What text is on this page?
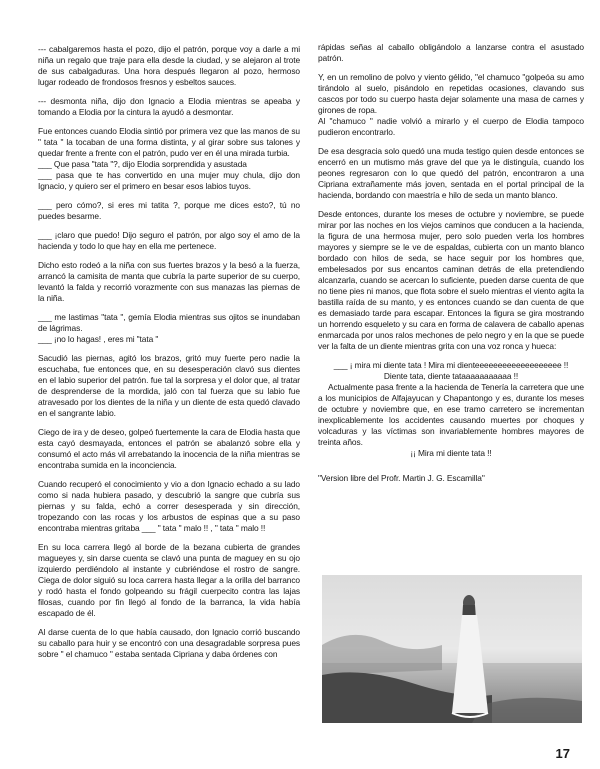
--- cabalgaremos hasta el pozo, dijo el patrón, porque voy a darle a mi niña un regalo que traje para ella desde la ciudad, y se alejaron al trote de sus cabalgaduras. Una hora después llegaron al pozo, hermoso lugar rodeado de frondosos fresnos y esbeltos sauces.

--- desmonta niña, dijo don Ignacio a Elodia mientras se apeaba y tomando a Elodia por la cintura la ayudó a desmontar.

Fue entonces cuando Elodia sintió por primera vez que las manos de su " tata " la tocaban de una forma distinta, y al girar sobre sus talones y quedar frente a frente con el patrón, pudo ver en él una mirada turbia.
___ Que pasa "tata "?, dijo Elodia sorprendida y asustada
___ pasa que te has convertido en una mujer muy chula, dijo don Ignacio, y quiero ser el primero en besar esos labios tuyos.

___ pero cómo?, si eres mi tatita ?, porque me dices esto?, tú no puedes besarme.

___ ¡claro que puedo! Dijo seguro el patrón, por algo soy el amo de la hacienda y todo lo que hay en ella me pertenece.

Dicho esto rodeó a la niña con sus fuertes brazos y la besó a la fuerza, arrancó la camisita de manta que cubría la parte superior de su cuerpo, levantó la falda y recorrió vorazmente con sus manazas las piernas de la niña.

___ me lastimas "tata ", gemía Elodia mientras sus ojitos se inundaban de lágrimas.
___ ¡no lo hagas! , eres mi "tata "

Sacudió las piernas, agitó los brazos, gritó muy fuerte pero nadie la escuchaba, fue entonces que, en su desesperación clavó sus dientes en el labio superior del patrón. fue tal la sorpresa y el dolor que, al tratar de desprenderse de la mordida, jaló con tal fuerza que su labio fue atravesado por los dientes de la niña y un diente de esta quedó clavado en el sangrante labio.

Ciego de ira y de deseo, golpeó fuertemente la cara de Elodia hasta que esta cayó desmayada, entonces el patrón se abalanzó sobre ella y consumó el acto más vil arrebatando la inocencia de la niña mientras se encontraba sumida en la inconciencia.

Cuando recuperó el conocimiento y vio a don Ignacio echado a su lado como si nada hubiera pasado, y descubrió la sangre que cubría sus piernas y su falda, echó a correr desesperada y sin dirección, tropezando con las rocas y los arbustos de espinas que a su paso encontraba mientras gritaba ___ " tata " malo !! , " tata " malo !!

En su loca carrera llegó al borde de la bezana cubierta de grandes magueyes y, sin darse cuenta se clavó una punta de maguey en su ojo izquierdo perdiéndolo al instante y cubriéndose el rostro de sangre. Ciega de dolor siguió su loca carrera hasta llegar a la orilla del barranco y rodó hasta el fondo golpeando su frágil cuerpecito contra las lajas filosas, cuando por fin llegó al fondo de la barranca, la vida había escapado de él.

Al darse cuenta de lo que había causado, don Ignacio corrió buscando su caballo para huir y se encontró con una desagradable sorpresa pues sobre " el chamuco " estaba sentada Cipriana y daba órdenes con

rápidas señas al caballo obligándolo a lanzarse contra el asustado patrón.

Y, en un remolino de polvo y viento gélido, "el chamuco "golpeóa su amo tirándolo al suelo, pisándolo en repetidas ocasiones, clavando sus cascos por todo su cuerpo hasta dejar solamente una masa de carnes y girones de ropa.
Al "chamuco " nadie volvió a mirarlo y el cuerpo de Elodia tampoco pudieron encontrarlo.

De esa desgracia solo quedó una muda testigo quien desde entonces se encerró en un mutismo más grave del que ya le distinguía, cuando los peones regresaron con lo que quedó del patrón, encontraron a una Cipriana extrañamente más joven, sentada en el portal principal de la hacienda, bordando con maestría e hilo de seda un manto blanco.

Desde entonces, durante los meses de octubre y noviembre, se puede mirar por las noches en los viejos caminos que conducen a la hacienda, la figura de una hermosa mujer, pero solo pueden verla los hombres mayores y siempre se le ve de espaldas, cubierta con un manto blanco bordado con hilos de seda, se hace seguir por los hombres que, embelesados por sus encantos caminan detrás de ella pretendiendo alcanzarla, cuando se acercan lo suficiente, pueden darse cuenta de que no tiene pies ni manos, que flota sobre el suelo mientras el viento agita la bastilla raída de su manto, y es entonces cuando se dan cuenta de que es demasiado tarde para escapar. Entonces la figura se gira mostrando un horrendo esqueleto y su cara en forma de calavera de caballo apenas enmarcada por unos ralos mechones de pelo negro y en la que se puede ver la falta de un diente mientras grita con una voz ronca y hueca:

___ ¡ mira mi diente tata ! Mira mi dienteeeeeeeeeeeeeeeeeee !!

Diente tata, diente tataaaaaaaaaaa !!

Actualmente pasa frente a la hacienda de Tenería la carretera que une a los municipios de Alfajayucan y Chapantongo y es, durante los meses de octubre y noviembre que, en ese tramo carretero se incrementan inexplicablemente los accidentes causando muertes por choques y volcaduras y las víctimas son invariablemente hombres mayores de treinta años.

¡¡ Mira mi diente tata !!

"Version libre del Profr. Martin J. G. Escamilla"

17
